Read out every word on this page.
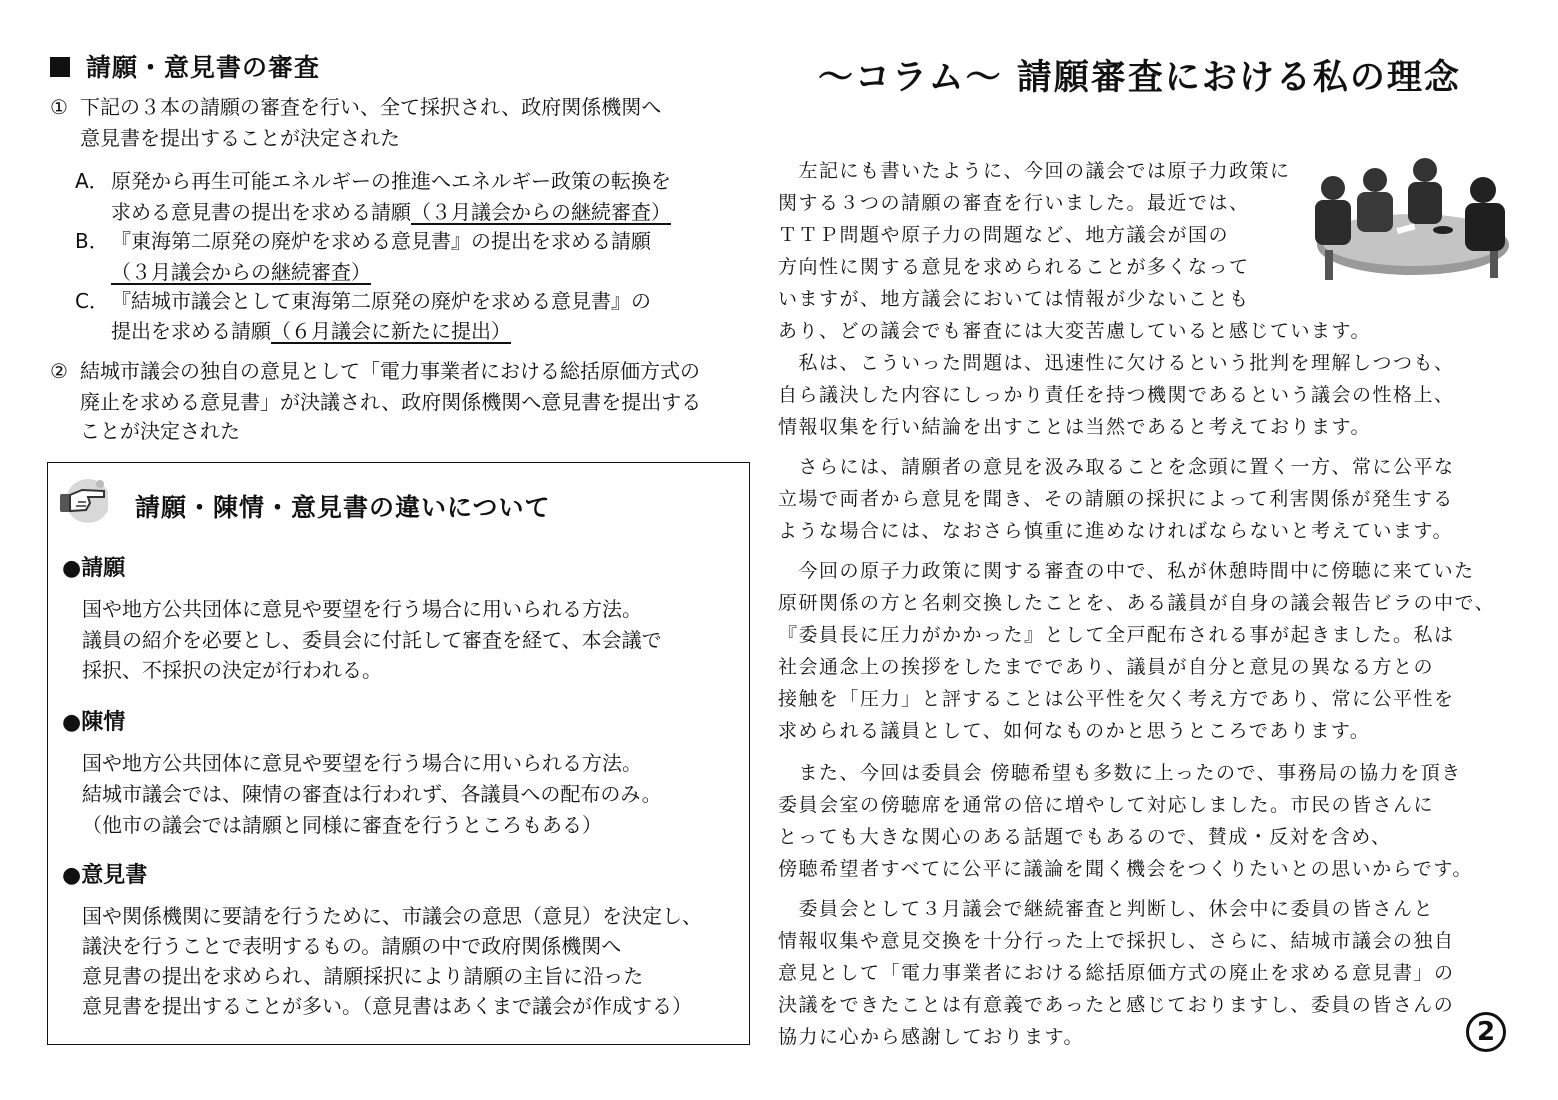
請願・意見書の審査
① 下記の３本の請願の審査を行い、全て採択され、政府関係機関へ
意見書を提出することが決定された
A． 原発から再生可能エネルギーの推進へエネルギー政策の転換を
求める意見書の提出を求める請願（３月議会からの継続審査）
B． 『東海第二原発の廃炉を求める意見書』の提出を求める請願
（３月議会からの継続審査）
C． 『結城市議会として東海第二原発の廃炉を求める意見書』の
提出を求める請願（６月議会に新たに提出）
② 結城市議会の独自の意見として「電力事業者における総括原価方式の
廃止を求める意見書」が決議され、政府関係機関へ意見書を提出する
ことが決定された
請願・陳情・意見書の違いについて
●請願
国や地方公共団体に意見や要望を行う場合に用いられる方法。
議員の紹介を必要とし、委員会に付託して審査を経て、本会議で
採択、不採択の決定が行われる。
●陳情
国や地方公共団体に意見や要望を行う場合に用いられる方法。
結城市議会では、陳情の審査は行われず、各議員への配布のみ。
（他市の議会では請願と同様に審査を行うところもある）
●意見書
国や関係機関に要請を行うために、市議会の意思（意見）を決定し、
議決を行うことで表明するもの。請願の中で政府関係機関へ
意見書の提出を求められ、請願採択により請願の主旨に沿った
意見書を提出することが多い。（意見書はあくまで議会が作成する）
～コラム～ 請願審査における私の理念
　左記にも書いたように、今回の議会では原子力政策に
関する３つの請願の審査を行いました。最近では、
ＴＴＰ問題や原子力の問題など、地方議会が国の
方向性に関する意見を求められることが多くなって
いますが、地方議会においては情報が少ないことも
あり、どの議会でも審査には大変苦慮していると感じています。
　私は、こういった問題は、迅速性に欠けるという批判を理解しつつも、
自ら議決した内容にしっかり責任を持つ機関であるという議会の性格上、
情報収集を行い結論を出すことは当然であると考えております。
　さらには、請願者の意見を汲み取ることを念頭に置く一方、常に公平な
立場で両者から意見を聞き、その請願の採択によって利害関係が発生する
ような場合には、なおさら慎重に進めなければならないと考えています。
　今回の原子力政策に関する審査の中で、私が休憩時間中に傍聴に来ていた
原研関係の方と名刺交換したことを、ある議員が自身の議会報告ビラの中で、
『委員長に圧力がかかった』として全戸配布される事が起きました。私は
社会通念上の挨拶をしたまでであり、議員が自分と意見の異なる方との
接触を「圧力」と評することは公平性を欠く考え方であり、常に公平性を
求められる議員として、如何なものかと思うところであります。
　また、今回は委員会 傍聴希望も多数に上ったので、事務局の協力を頂き
委員会室の傍聴席を通常の倍に増やして対応しました。市民の皆さんに
とっても大きな関心のある話題でもあるので、賛成・反対を含め、
傍聴希望者すべてに公平に議論を聞く機会をつくりたいとの思いからです。
　委員会として３月議会で継続審査と判断し、休会中に委員の皆さんと
情報収集や意見交換を十分行った上で採択し、さらに、結城市議会の独自
意見として「電力事業者における総括原価方式の廃止を求める意見書」の
決議をできたことは有意義であったと感じておりますし、委員の皆さんの
協力に心から感謝しております。	2
